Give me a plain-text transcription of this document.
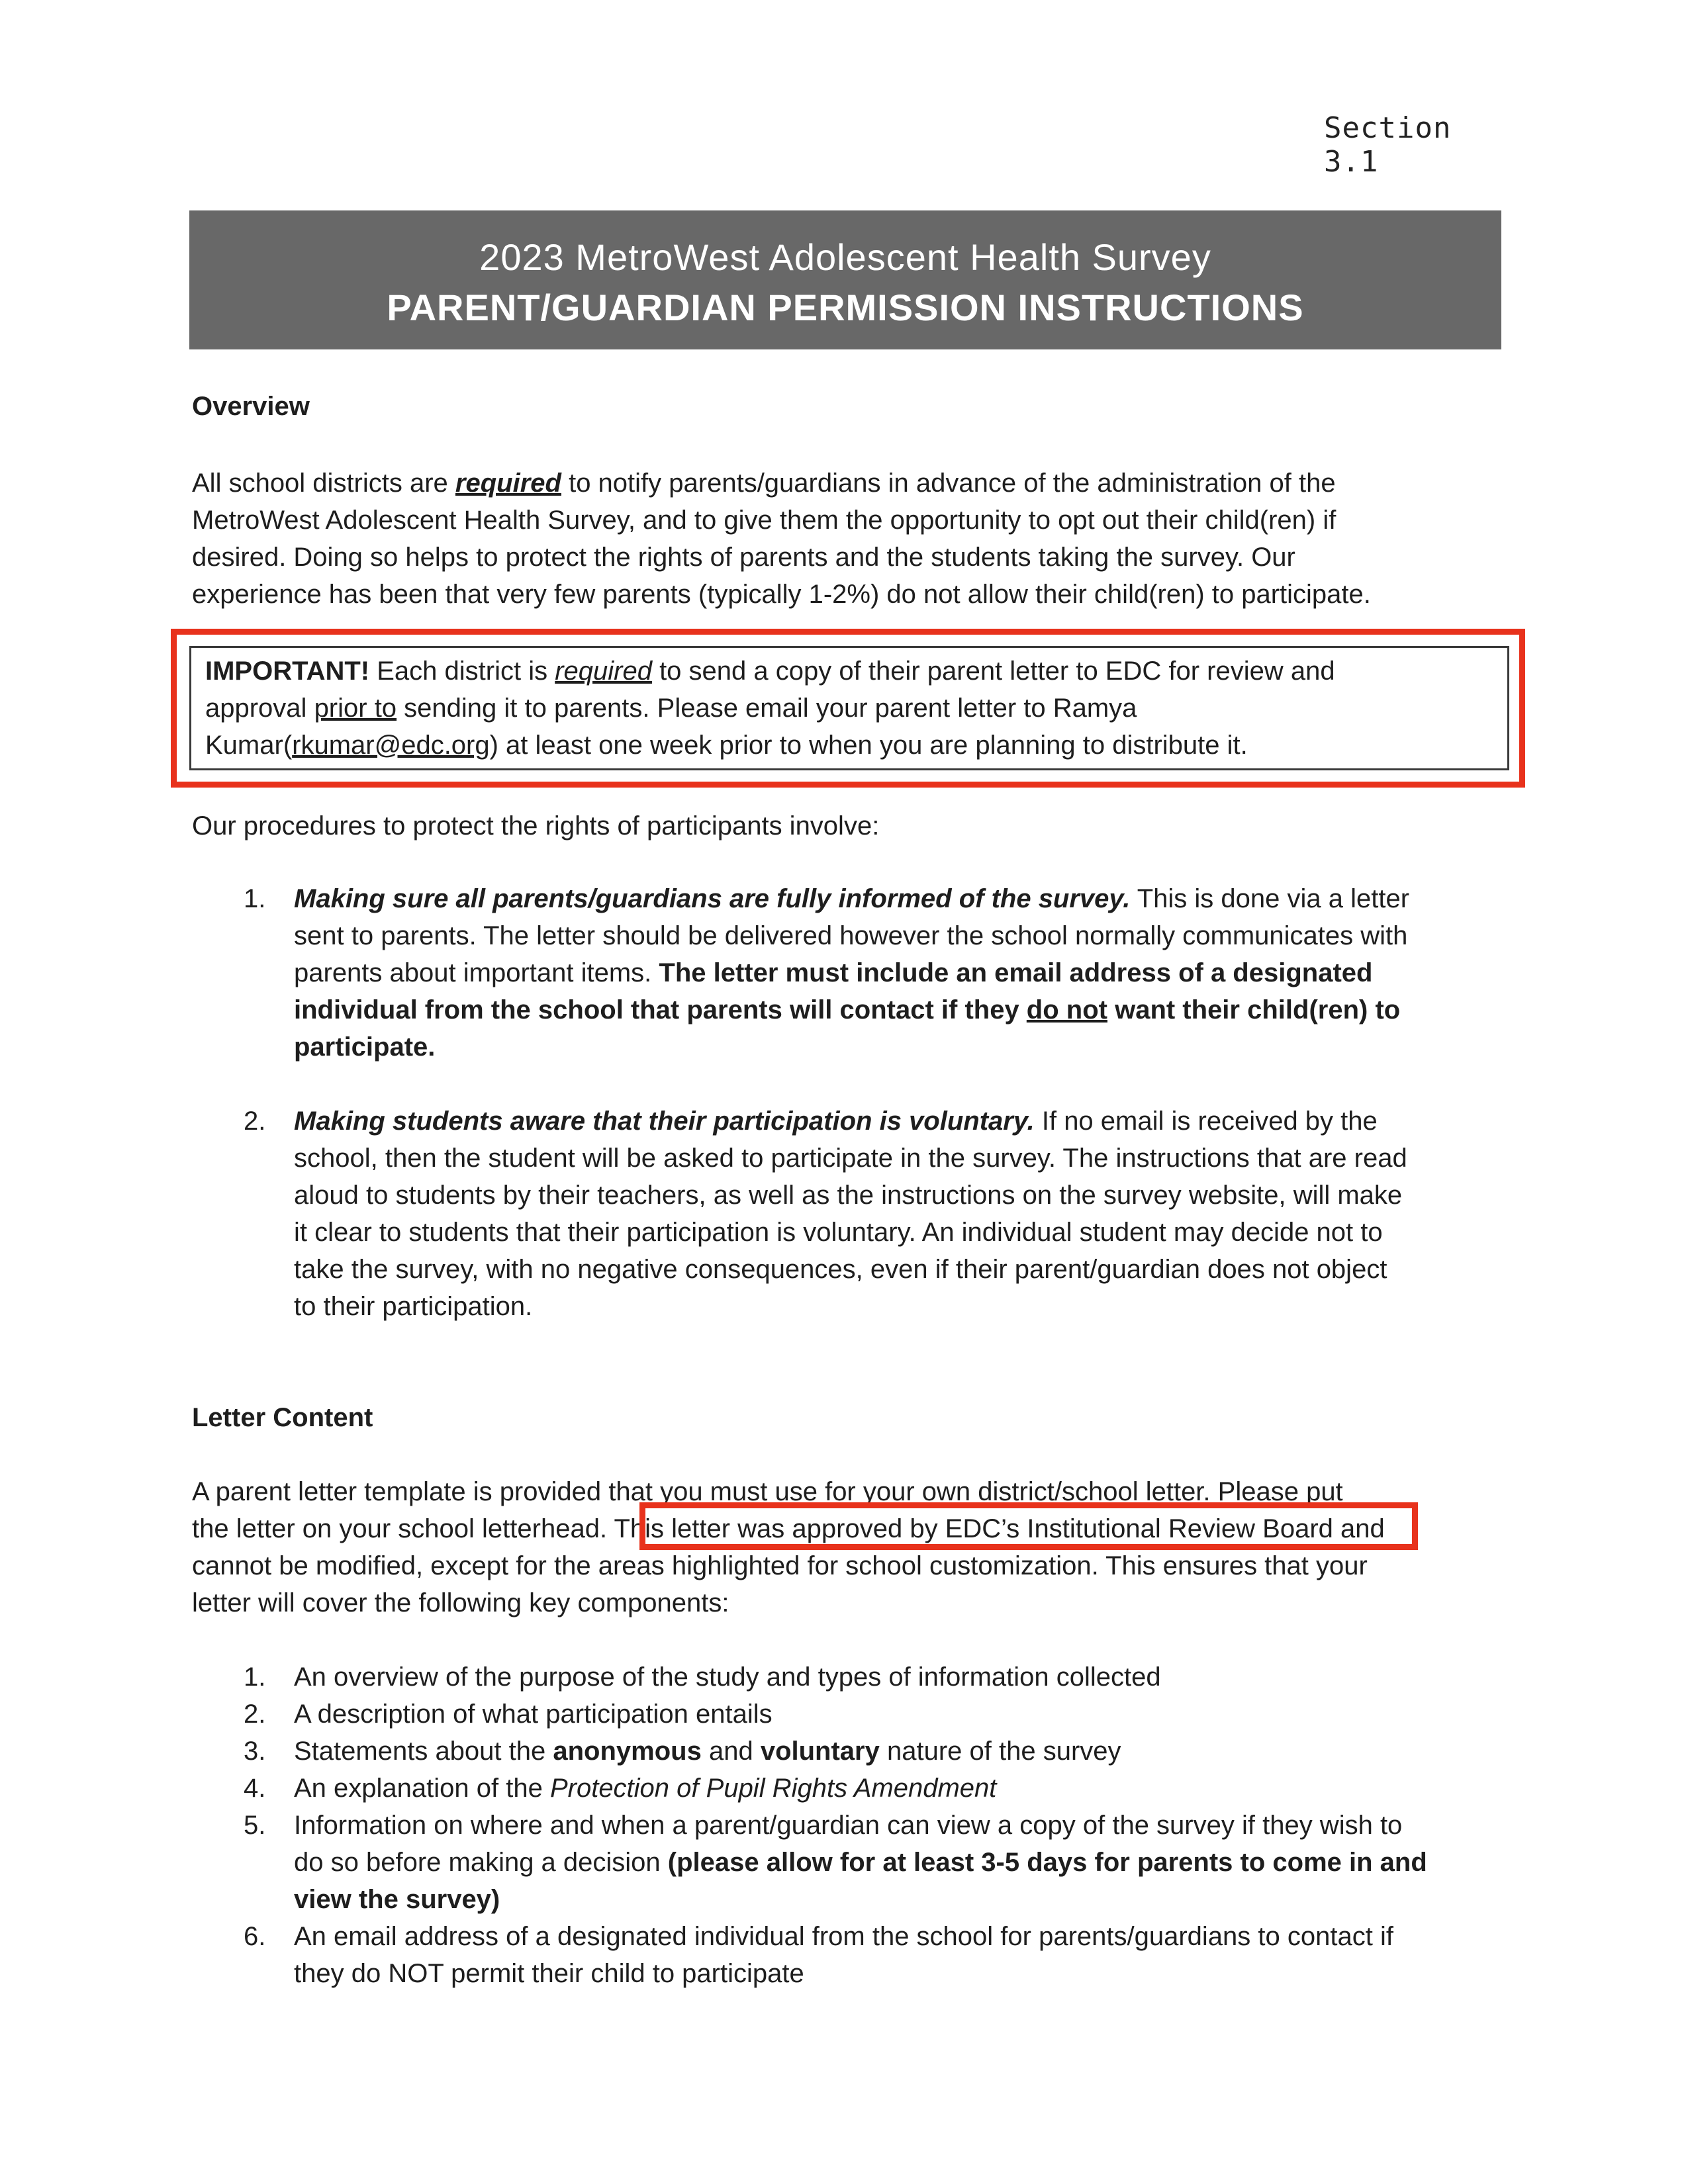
Section 3.1
2023 MetroWest Adolescent Health Survey
PARENT/GUARDIAN PERMISSION INSTRUCTIONS
Overview
All school districts are required to notify parents/guardians in advance of the administration of the
MetroWest Adolescent Health Survey, and to give them the opportunity to opt out their child(ren) if
desired. Doing so helps to protect the rights of parents and the students taking the survey. Our
experience has been that very few parents (typically 1-2%) do not allow their child(ren) to participate.
IMPORTANT! Each district is required to send a copy of their parent letter to EDC for review and
approval prior to sending it to parents. Please email your parent letter to Ramya
Kumar(rkumar@edc.org) at least one week prior to when you are planning to distribute it.
Our procedures to protect the rights of participants involve:
1.	Making sure all parents/guardians are fully informed of the survey. This is done via a letter
sent to parents. The letter should be delivered however the school normally communicates with
parents about important items. The letter must include an email address of a designated
individual from the school that parents will contact if they do not want their child(ren) to
participate.
2.	Making students aware that their participation is voluntary. If no email is received by the
school, then the student will be asked to participate in the survey. The instructions that are read
aloud to students by their teachers, as well as the instructions on the survey website, will make
it clear to students that their participation is voluntary. An individual student may decide not to
take the survey, with no negative consequences, even if their parent/guardian does not object
to their participation.
Letter Content
A parent letter template is provided that you must use for your own district/school letter. Please put
the letter on your school letterhead. This letter was approved by EDC’s Institutional Review Board and
cannot be modified, except for the areas highlighted for school customization. This ensures that your
letter will cover the following key components:
1.	An overview of the purpose of the study and types of information collected
2.	A description of what participation entails
3.	Statements about the anonymous and voluntary nature of the survey
4.	An explanation of the Protection of Pupil Rights Amendment
5.	Information on where and when a parent/guardian can view a copy of the survey if they wish to
do so before making a decision (please allow for at least 3-5 days for parents to come in and
view the survey)
6.	An email address of a designated individual from the school for parents/guardians to contact if
they do NOT permit their child to participate
